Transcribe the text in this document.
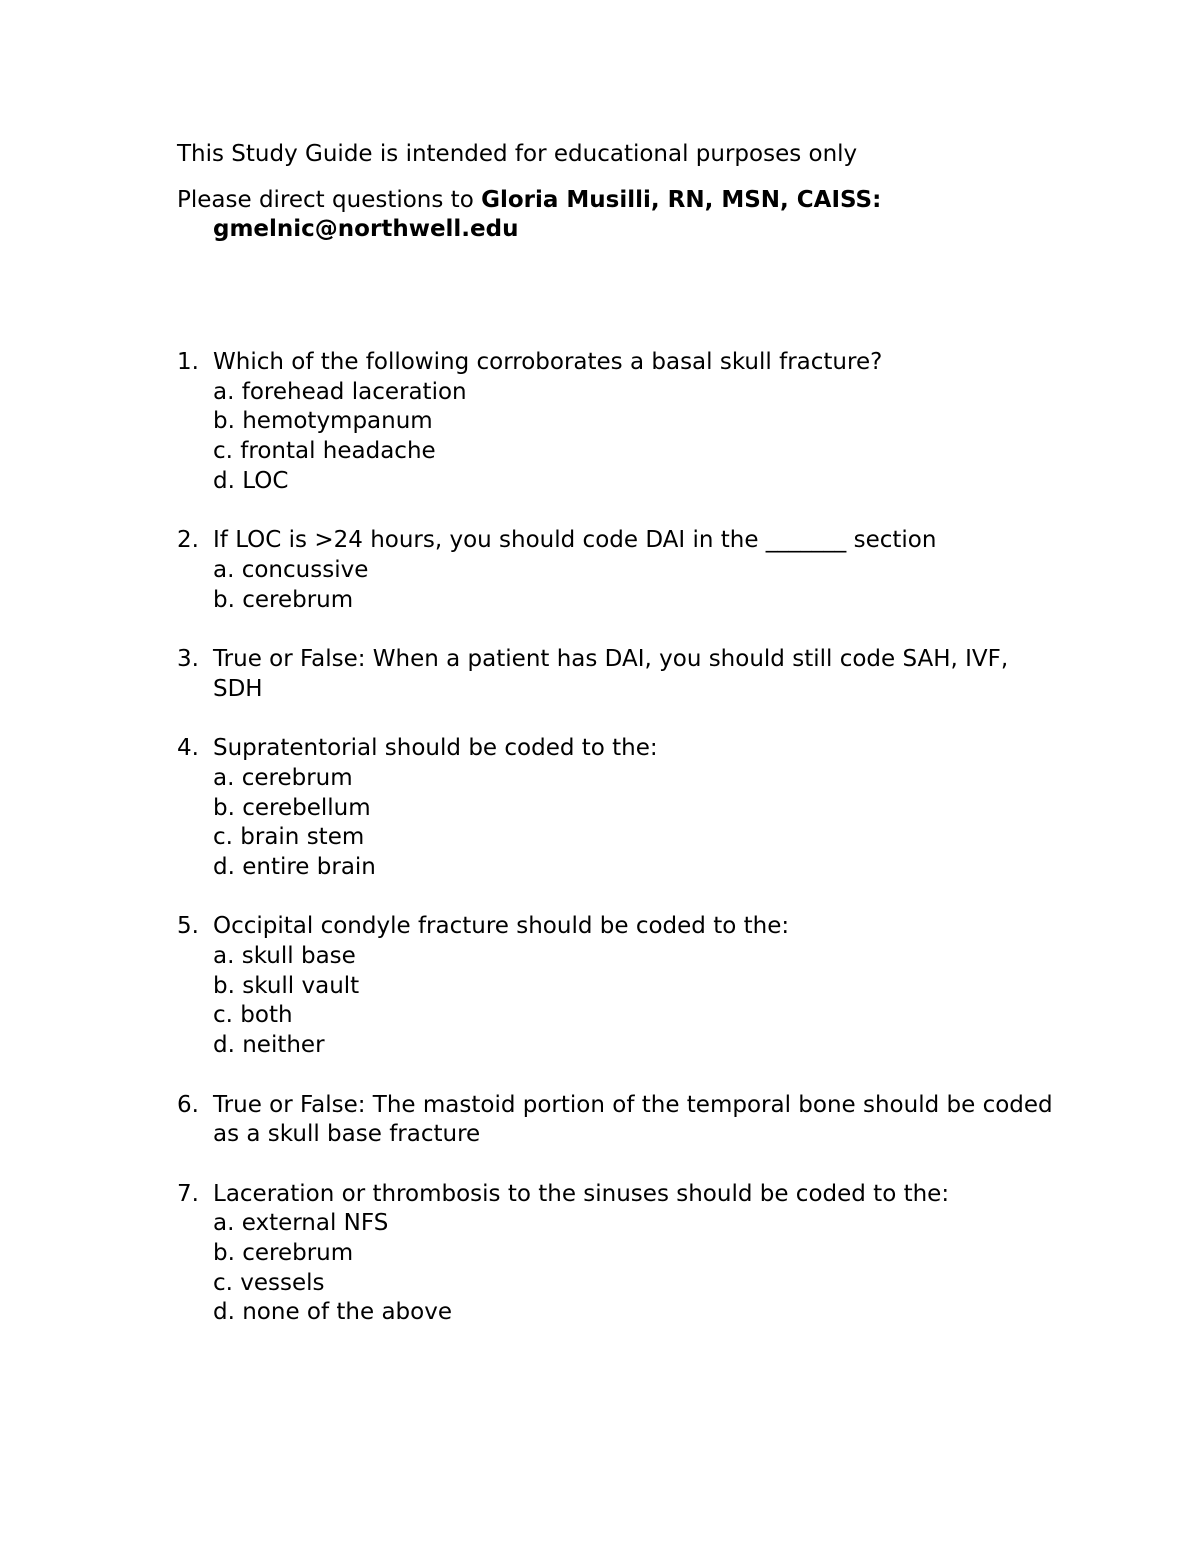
This Study Guide is intended for educational purposes only

Please direct questions to Gloria Musilli, RN, MSN, CAISS: gmelnic@northwell.edu

1. Which of the following corroborates a basal skull fracture?
a. forehead laceration
b. hemotympanum
c. frontal headache
d. LOC
2. If LOC is >24 hours, you should code DAI in the _______ section
a. concussive
b. cerebrum
3. True or False: When a patient has DAI, you should still code SAH, IVF, SDH
4. Supratentorial should be coded to the:
a. cerebrum
b. cerebellum
c. brain stem
d. entire brain
5. Occipital condyle fracture should be coded to the:
a. skull base
b. skull vault
c. both
d. neither
6. True or False: The mastoid portion of the temporal bone should be coded as a skull base fracture
7. Laceration or thrombosis to the sinuses should be coded to the:
a. external NFS
b. cerebrum
c. vessels
d. none of the above
